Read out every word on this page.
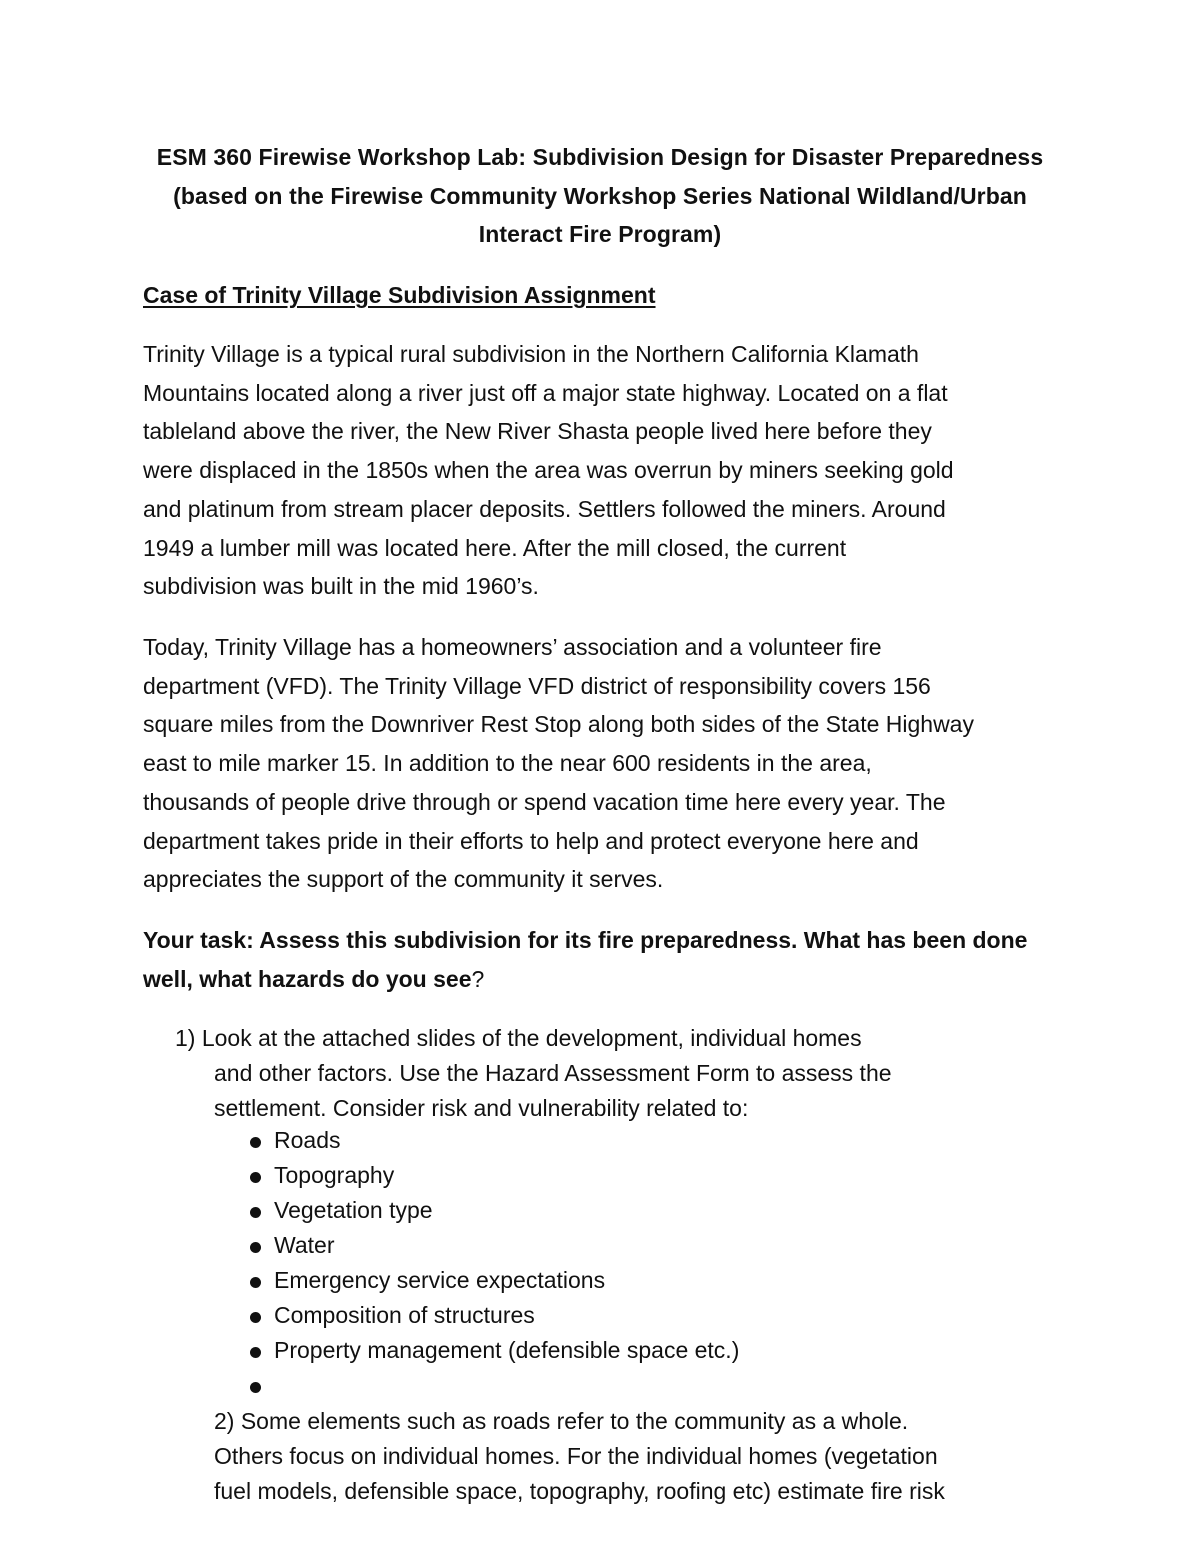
ESM 360 Firewise Workshop Lab: Subdivision Design for Disaster Preparedness
(based on the Firewise Community Workshop Series National Wildland/Urban
Interact Fire Program)
Case of Trinity Village Subdivision Assignment
Trinity Village is a typical rural subdivision in the Northern California Klamath
Mountains located along a river just off a major state highway. Located on a flat
tableland above the river, the New River Shasta people lived here before they
were displaced in the 1850s when the area was overrun by miners seeking gold
and platinum from stream placer deposits. Settlers followed the miners. Around
1949 a lumber mill was located here. After the mill closed, the current
subdivision was built in the mid 1960’s.
Today, Trinity Village has a homeowners’ association and a volunteer fire
department (VFD). The Trinity Village VFD district of responsibility covers 156
square miles from the Downriver Rest Stop along both sides of the State Highway
east to mile marker 15. In addition to the near 600 residents in the area,
thousands of people drive through or spend vacation time here every year. The
department takes pride in their efforts to help and protect everyone here and
appreciates the support of the community it serves.
Your task: Assess this subdivision for its fire preparedness. What has been done
well, what hazards do you see?
1) Look at the attached slides of the development, individual homes
and other factors. Use the Hazard Assessment Form to assess the
settlement. Consider risk and vulnerability related to:
Roads
Topography
Vegetation type
Water
Emergency service expectations
Composition of structures
Property management (defensible space etc.)
2) Some elements such as roads refer to the community as a whole.
Others focus on individual homes. For the individual homes (vegetation
fuel models, defensible space, topography, roofing etc) estimate fire risk
